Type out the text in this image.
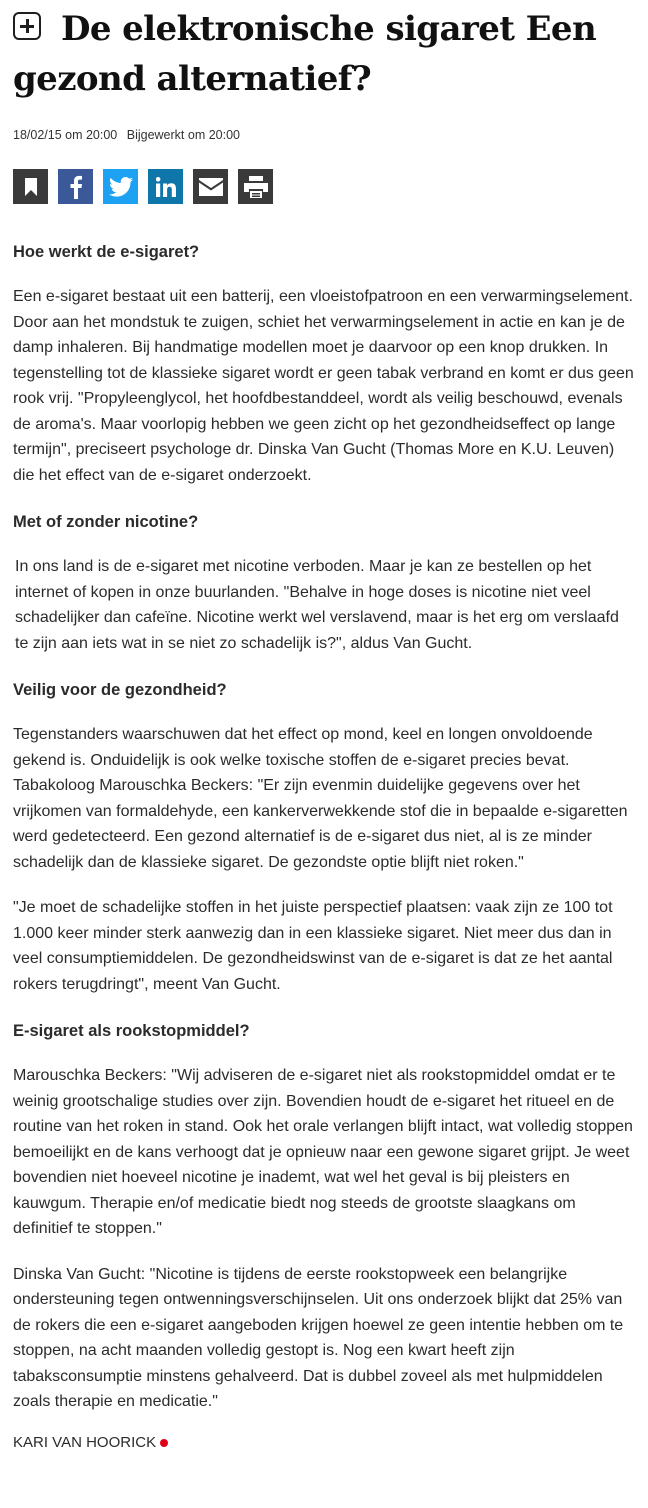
De elektronische sigaret Een gezond alternatief?
18/02/15 om 20:00 Bijgewerkt om 20:00
Hoe werkt de e-sigaret?

Een e-sigaret bestaat uit een batterij, een vloeistofpatroon en een verwarmingselement. Door aan het mondstuk te zuigen, schiet het verwarmingselement in actie en kan je de damp inhaleren. Bij handmatige modellen moet je daarvoor op een knop drukken. In tegenstelling tot de klassieke sigaret wordt er geen tabak verbrand en komt er dus geen rook vrij. "Propyleenglycol, het hoofdbestanddeel, wordt als veilig beschouwd, evenals de aroma's. Maar voorlopig hebben we geen zicht op het gezondheidseffect op lange termijn", preciseert psychologe dr. Dinska Van Gucht (Thomas More en K.U. Leuven) die het effect van de e-sigaret onderzoekt.

Met of zonder nicotine?

In ons land is de e-sigaret met nicotine verboden. Maar je kan ze bestellen op het internet of kopen in onze buurlanden. "Behalve in hoge doses is nicotine niet veel schadelijker dan cafeïne. Nicotine werkt wel verslavend, maar is het erg om verslaafd te zijn aan iets wat in se niet zo schadelijk is?", aldus Van Gucht.

Veilig voor de gezondheid?

Tegenstanders waarschuwen dat het effect op mond, keel en longen onvoldoende gekend is. Onduidelijk is ook welke toxische stoffen de e-sigaret precies bevat. Tabakoloog Marouschka Beckers: "Er zijn evenmin duidelijke gegevens over het vrijkomen van formaldehyde, een kankerverwekkende stof die in bepaalde e-sigaretten werd gedetecteerd. Een gezond alternatief is de e-sigaret dus niet, al is ze minder schadelijk dan de klassieke sigaret. De gezondste optie blijft niet roken."

"Je moet de schadelijke stoffen in het juiste perspectief plaatsen: vaak zijn ze 100 tot 1.000 keer minder sterk aanwezig dan in een klassieke sigaret. Niet meer dus dan in veel consumptiemiddelen. De gezondheidswinst van de e-sigaret is dat ze het aantal rokers terugdringt", meent Van Gucht.

E-sigaret als rookstopmiddel?

Marouschka Beckers: "Wij adviseren de e-sigaret niet als rookstopmiddel omdat er te weinig grootschalige studies over zijn. Bovendien houdt de e-sigaret het ritueel en de routine van het roken in stand. Ook het orale verlangen blijft intact, wat volledig stoppen bemoeilijkt en de kans verhoogt dat je opnieuw naar een gewone sigaret grijpt. Je weet bovendien niet hoeveel nicotine je inademt, wat wel het geval is bij pleisters en kauwgum. Therapie en/of medicatie biedt nog steeds de grootste slaagkans om definitief te stoppen."

Dinska Van Gucht: "Nicotine is tijdens de eerste rookstopweek een belangrijke ondersteuning tegen ontwenningsverschijnselen. Uit ons onderzoek blijkt dat 25% van de rokers die een e-sigaret aangeboden krijgen hoewel ze geen intentie hebben om te stoppen, na acht maanden volledig gestopt is. Nog een kwart heeft zijn tabaksconsumptie minstens gehalveerd. Dat is dubbel zoveel als met hulpmiddelen zoals therapie en medicatie."

KARI VAN HOORICK
